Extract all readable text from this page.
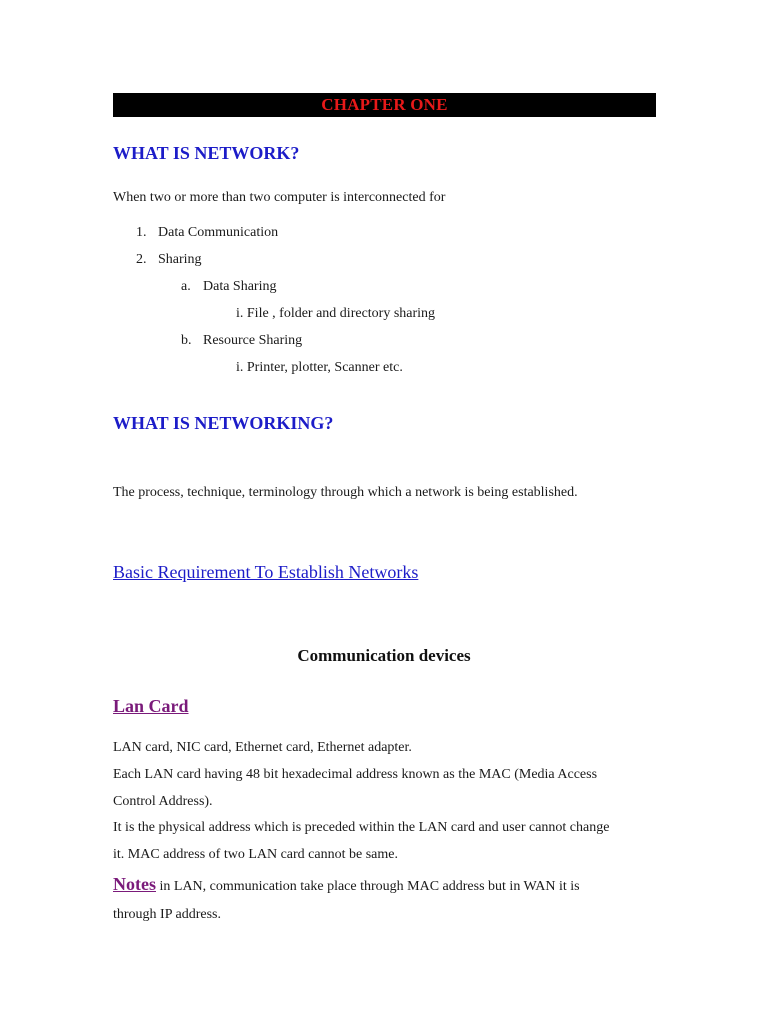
CHAPTER ONE
WHAT IS NETWORK?

When two or more than two computer is interconnected for

1. Data Communication
2. Sharing
a. Data Sharing
i. File , folder and directory sharing
b. Resource Sharing
i. Printer, plotter, Scanner etc.
WHAT IS NETWORKING?

The process, technique, terminology through which a network is being established.

Basic Requirement To Establish Networks
Communication devices
Lan Card

LAN card, NIC card, Ethernet card, Ethernet adapter.

Each LAN card having 48 bit hexadecimal address known as the MAC (Media Access

Control Address).

It is the physical address which is preceded within the LAN card and user cannot change

it. MAC address of two LAN card cannot be same.

Notes in LAN, communication take place through MAC address but in WAN it is

through IP address.
